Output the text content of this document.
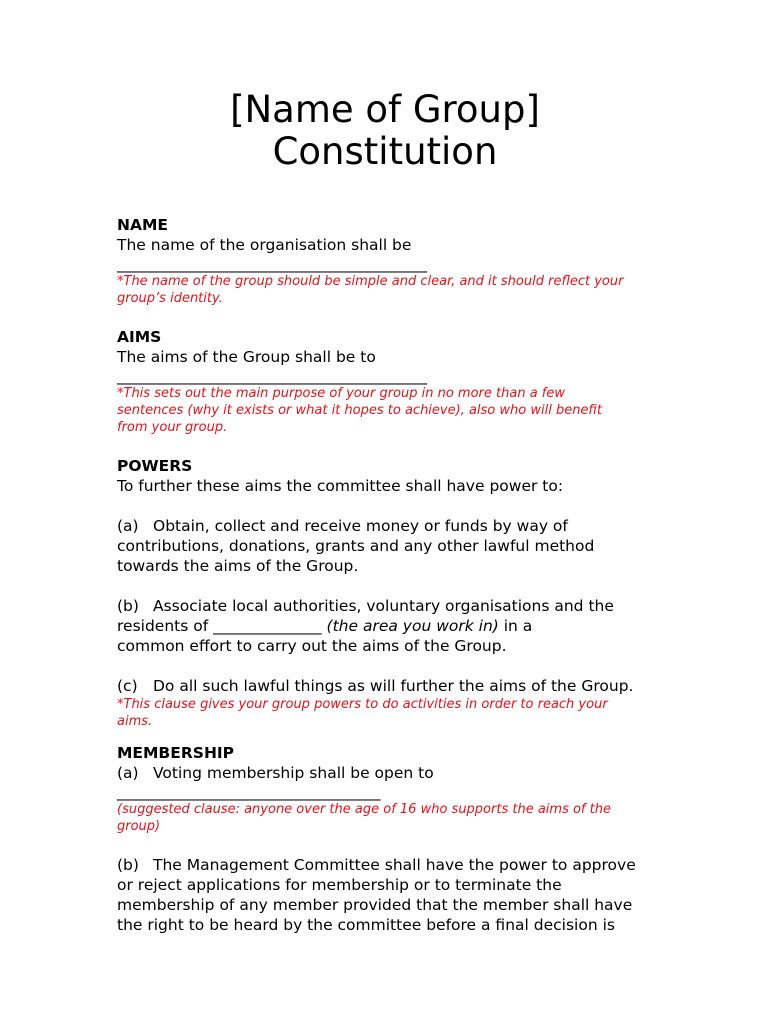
[Name of Group]
Constitution

NAME

The name of the organisation shall be

________________________________________

*The name of the group should be simple and clear, and it should reflect your
group’s identity.

AIMS

The aims of the Group shall be to

________________________________________

*This sets out the main purpose of your group in no more than a few
sentences (why it exists or what it hopes to achieve), also who will benefit
from your group.

POWERS

To further these aims the committee shall have power to:

(a) Obtain, collect and receive money or funds by way of

contributions, donations, grants and any other lawful method

towards the aims of the Group.

(b) Associate local authorities, voluntary organisations and the

residents of ______________ (the area you work in) in a

common effort to carry out the aims of the Group.

(c) Do all such lawful things as will further the aims of the Group.

*This clause gives your group powers to do activities in order to reach your
aims.

MEMBERSHIP

(a) Voting membership shall be open to

__________________________________

(suggested clause: anyone over the age of 16 who supports the aims of the
group)

(b) The Management Committee shall have the power to approve

or reject applications for membership or to terminate the

membership of any member provided that the member shall have

the right to be heard by the committee before a final decision is
